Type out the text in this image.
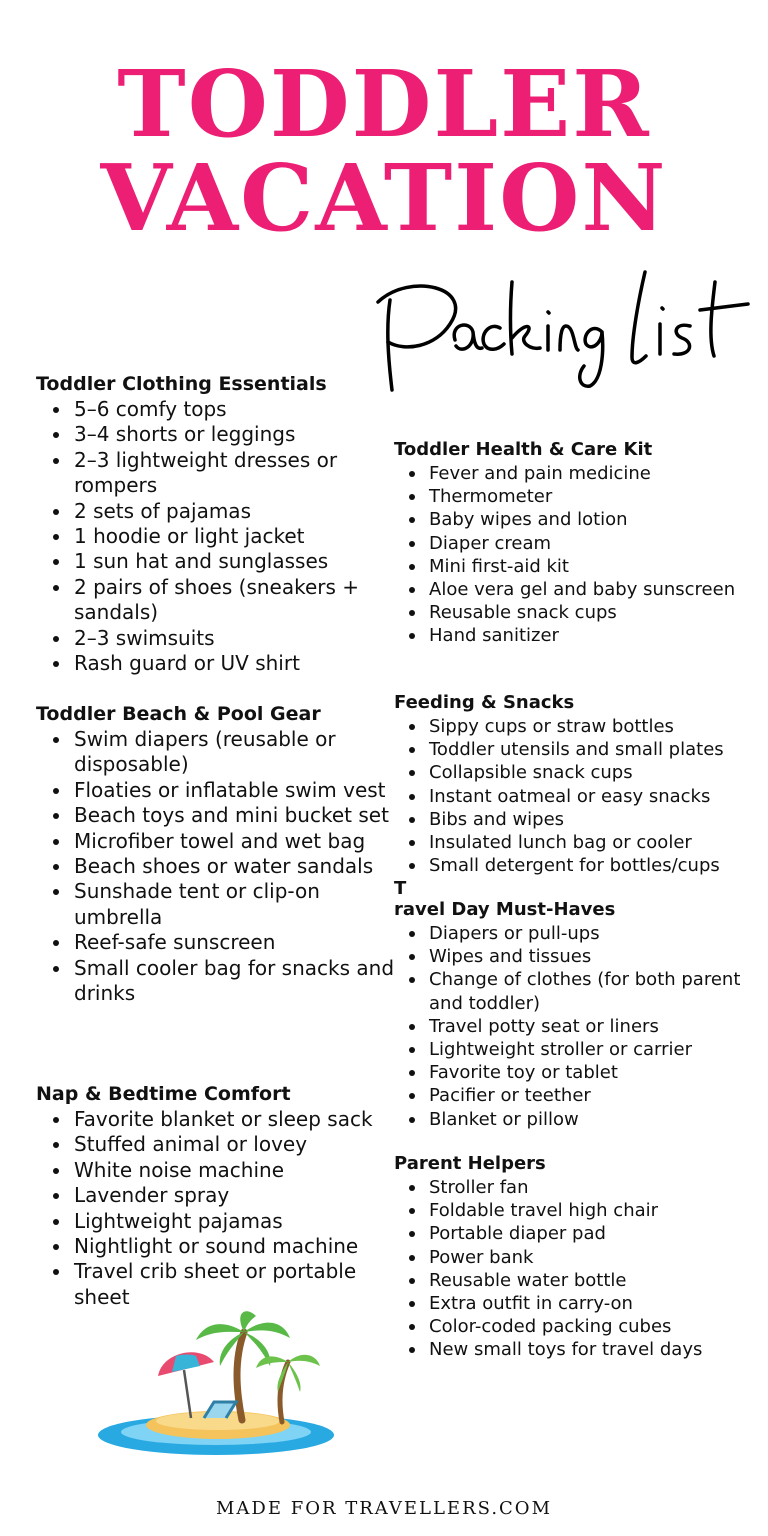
TODDLER
VACATION
Toddler Clothing Essentials
5–6 comfy tops
3–4 shorts or leggings
2–3 lightweight dresses or rompers
2 sets of pajamas
1 hoodie or light jacket
1 sun hat and sunglasses
2 pairs of shoes (sneakers + sandals)
2–3 swimsuits
Rash guard or UV shirt
Toddler Beach & Pool Gear
Swim diapers (reusable or disposable)
Floaties or inflatable swim vest
Beach toys and mini bucket set
Microfiber towel and wet bag
Beach shoes or water sandals
Sunshade tent or clip-on umbrella
Reef-safe sunscreen
Small cooler bag for snacks and drinks
Nap & Bedtime Comfort
Favorite blanket or sleep sack
Stuffed animal or lovey
White noise machine
Lavender spray
Lightweight pajamas
Nightlight or sound machine
Travel crib sheet or portable sheet
Toddler Health & Care Kit
Fever and pain medicine
Thermometer
Baby wipes and lotion
Diaper cream
Mini first-aid kit
Aloe vera gel and baby sunscreen
Reusable snack cups
Hand sanitizer
Feeding & Snacks
Sippy cups or straw bottles
Toddler utensils and small plates
Collapsible snack cups
Instant oatmeal or easy snacks
Bibs and wipes
Insulated lunch bag or cooler
Small detergent for bottles/cups
T
ravel Day Must-Haves
Diapers or pull-ups
Wipes and tissues
Change of clothes (for both parent and toddler)
Travel potty seat or liners
Lightweight stroller or carrier
Favorite toy or tablet
Pacifier or teether
Blanket or pillow
Parent Helpers
Stroller fan
Foldable travel high chair
Portable diaper pad
Power bank
Reusable water bottle
Extra outfit in carry-on
Color-coded packing cubes
New small toys for travel days
MADE FOR TRAVELLERS.COM
